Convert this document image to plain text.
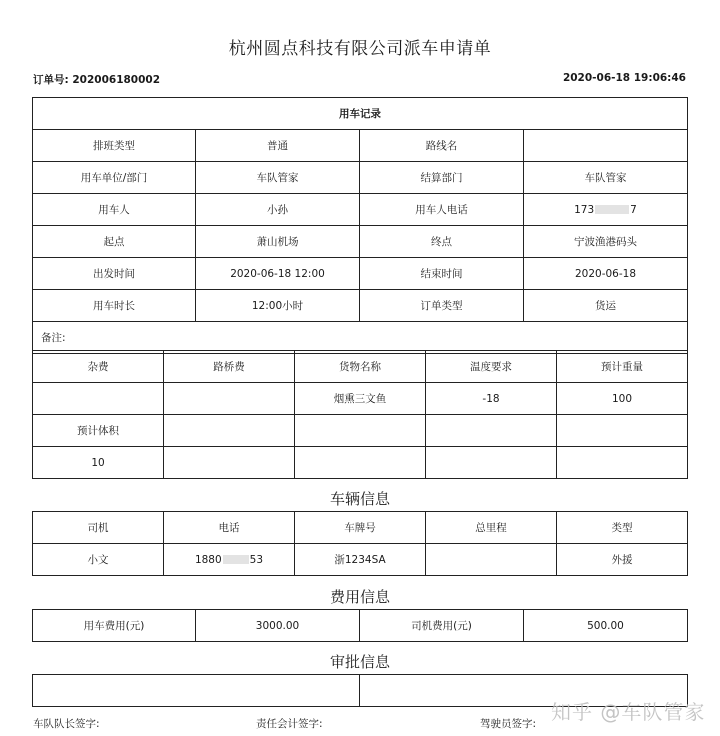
杭州圆点科技有限公司派车申请单
订单号: 202006180002	2020-06-18 19:06:46
用车记录			
排班类型	普通	路线名	
用车单位/部门	车队管家	结算部门	车队管家
用车人	小孙	用车人电话	173 7
起点	萧山机场	终点	宁波渔港码头
出发时间	2020-06-18 12:00	结束时间	2020-06-18
用车时长	12:00小时	订单类型	货运
备注:			
杂费	路桥费	货物名称	温度要求	预计重量
		烟熏三文鱼	-18	100
预计体积				
10				
车辆信息
司机	电话	车牌号	总里程	类型
小文	1880 53	浙1234SA		外援
费用信息
用车费用(元)	3000.00	司机费用(元)	500.00
审批信息

车队队长签字:	责任会计签字:	驾驶员签字: 知乎 @车队管家
